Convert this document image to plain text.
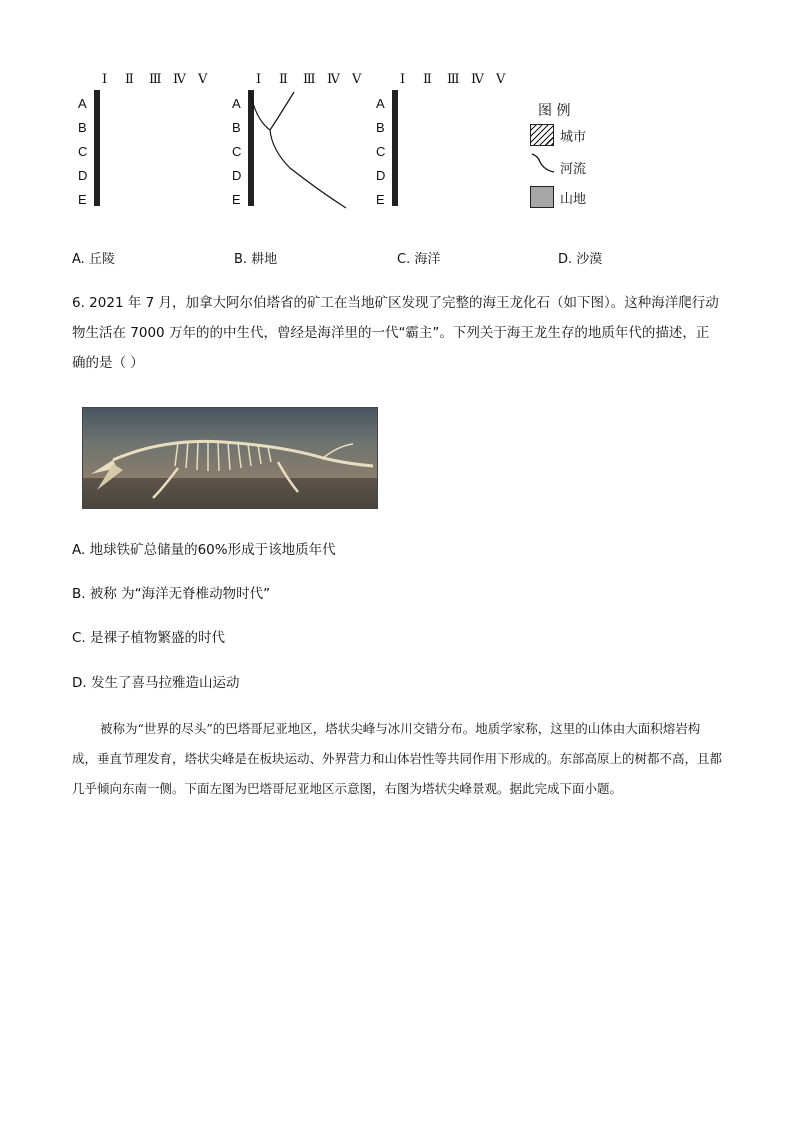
Ⅰ Ⅱ Ⅲ Ⅳ Ⅴ
A
B
C
D
E

Ⅰ Ⅱ Ⅲ Ⅳ Ⅴ
A
B
C
D
E

Ⅰ Ⅱ Ⅲ Ⅳ Ⅴ
A
B
C
D
E

图 例
城市
河流
山地
A. 丘陵	B. 耕地	C. 海洋	D. 沙漠
6. 2021 年 7 月，加拿大阿尔伯塔省的矿工在当地矿区发现了完整的海王龙化石（如下图）。这种海洋爬行动物生活在 7000 万年的的中生代，曾经是海洋里的一代“霸主”。下列关于海王龙生存的地质年代的描述，正确的是（ ）
A. 地球铁矿总储量的60%形成于该地质年代
B. 被称 为“海洋无脊椎动物时代”
C. 是裸子植物繁盛的时代
D. 发生了喜马拉雅造山运动
被称为“世界的尽头”的巴塔哥尼亚地区，塔状尖峰与冰川交错分布。地质学家称，这里的山体由大面积熔岩构成，垂直节理发育，塔状尖峰是在板块运动、外界营力和山体岩性等共同作用下形成的。东部高原上的树都不高，且都几乎倾向东南一侧。下面左图为巴塔哥尼亚地区示意图，右图为塔状尖峰景观。据此完成下面小题。
